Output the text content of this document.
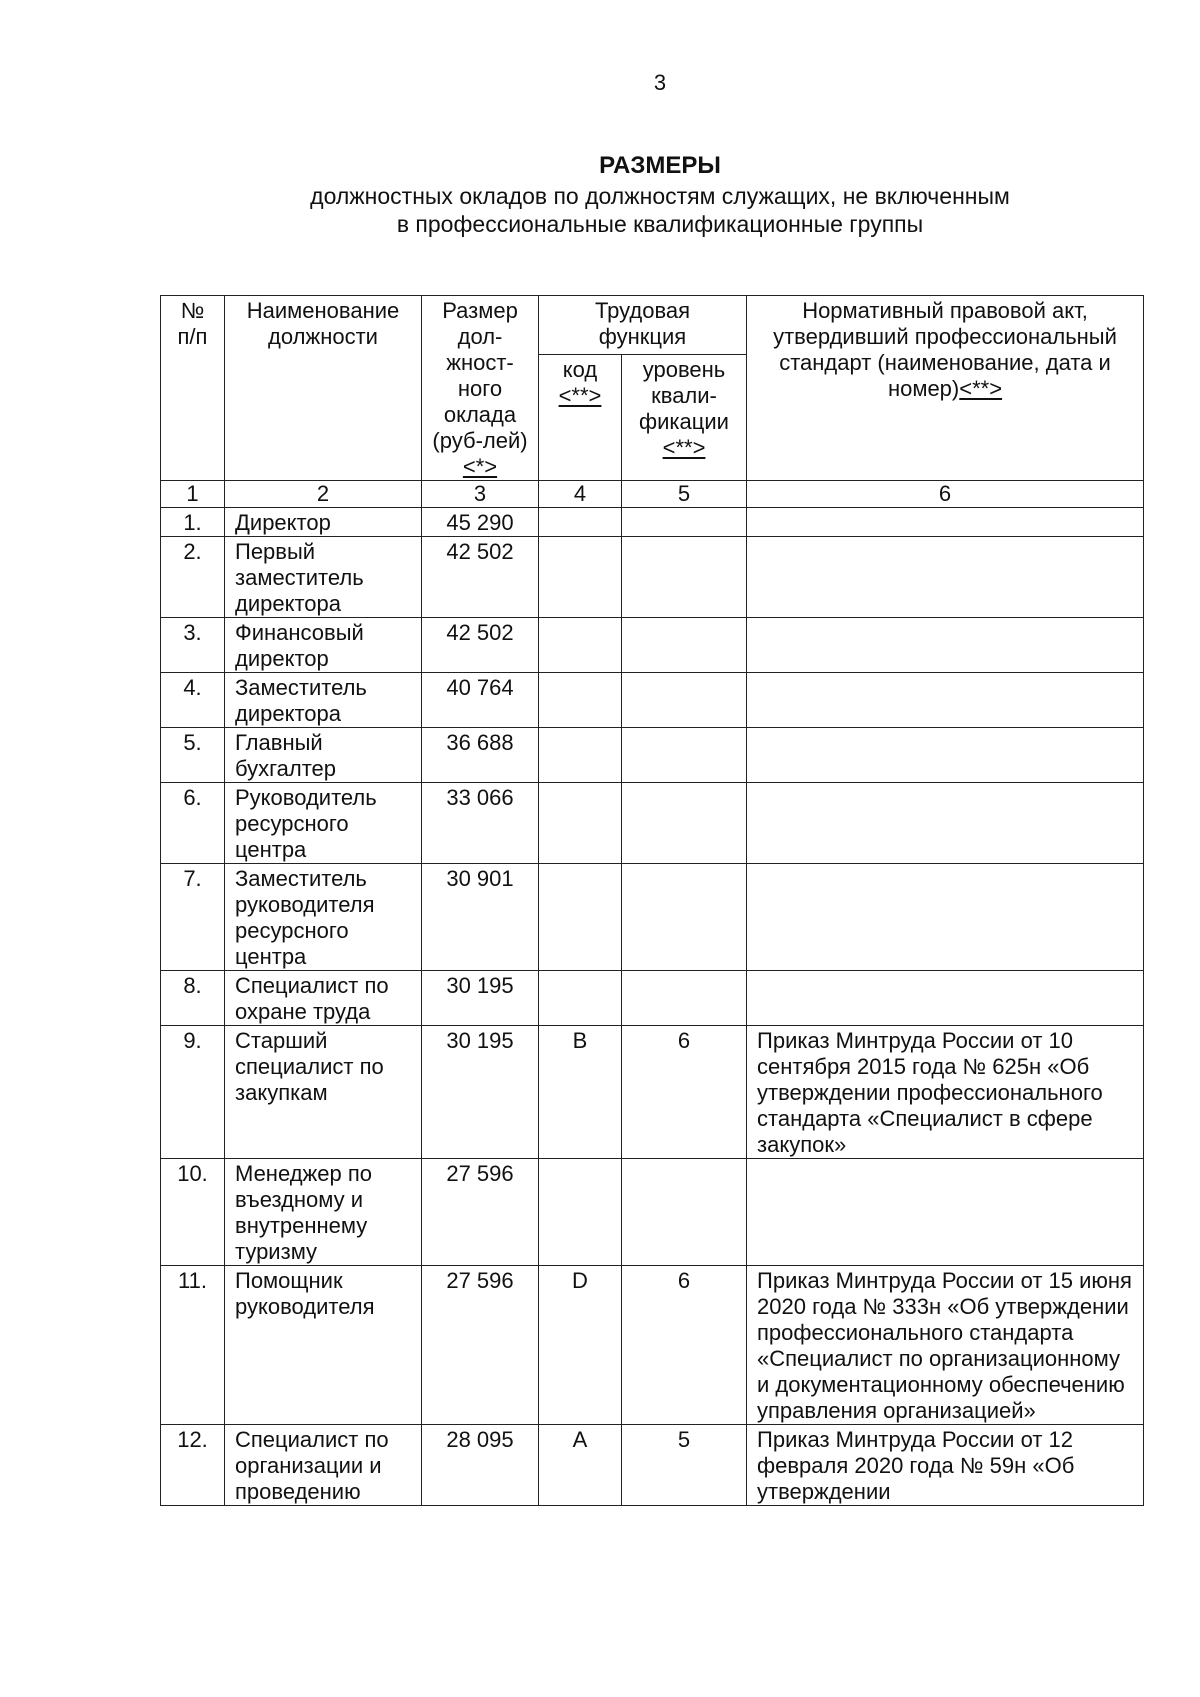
3
РАЗМЕРЫ
должностных окладов по должностям служащих, не включенным
в профессиональные квалификационные группы
№ п/п	Наименование должности	Размер дол-жност-ного оклада (руб-лей) <*>	Трудовая функция		Нормативный правовой акт, утвердивший профессиональный стандарт (наименование, дата и номер)<**>
			код <**>	уровень квали-фикации <**>	
1	2	3	4	5	6
1.	Директор	45 290			
2.	Первый заместитель директора	42 502			
3.	Финансовый директор	42 502			
4.	Заместитель директора	40 764			
5.	Главный бухгалтер	36 688			
6.	Руководитель ресурсного центра	33 066			
7.	Заместитель руководителя ресурсного центра	30 901			
8.	Специалист по охране труда	30 195			
9.	Старший специалист по закупкам	30 195	B	6	Приказ Минтруда России от 10 сентября 2015 года № 625н «Об утверждении профессионального стандарта «Специалист в сфере закупок»
10.	Менеджер по въездному и внутреннему туризму	27 596			
11.	Помощник руководителя	27 596	D	6	Приказ Минтруда России от 15 июня 2020 года № 333н «Об утверждении профессионального стандарта «Специалист по организационному и документационному обеспечению управления организацией»
12.	Специалист по организации и проведению	28 095	A	5	Приказ Минтруда России от 12 февраля 2020 года № 59н «Об утверждении
